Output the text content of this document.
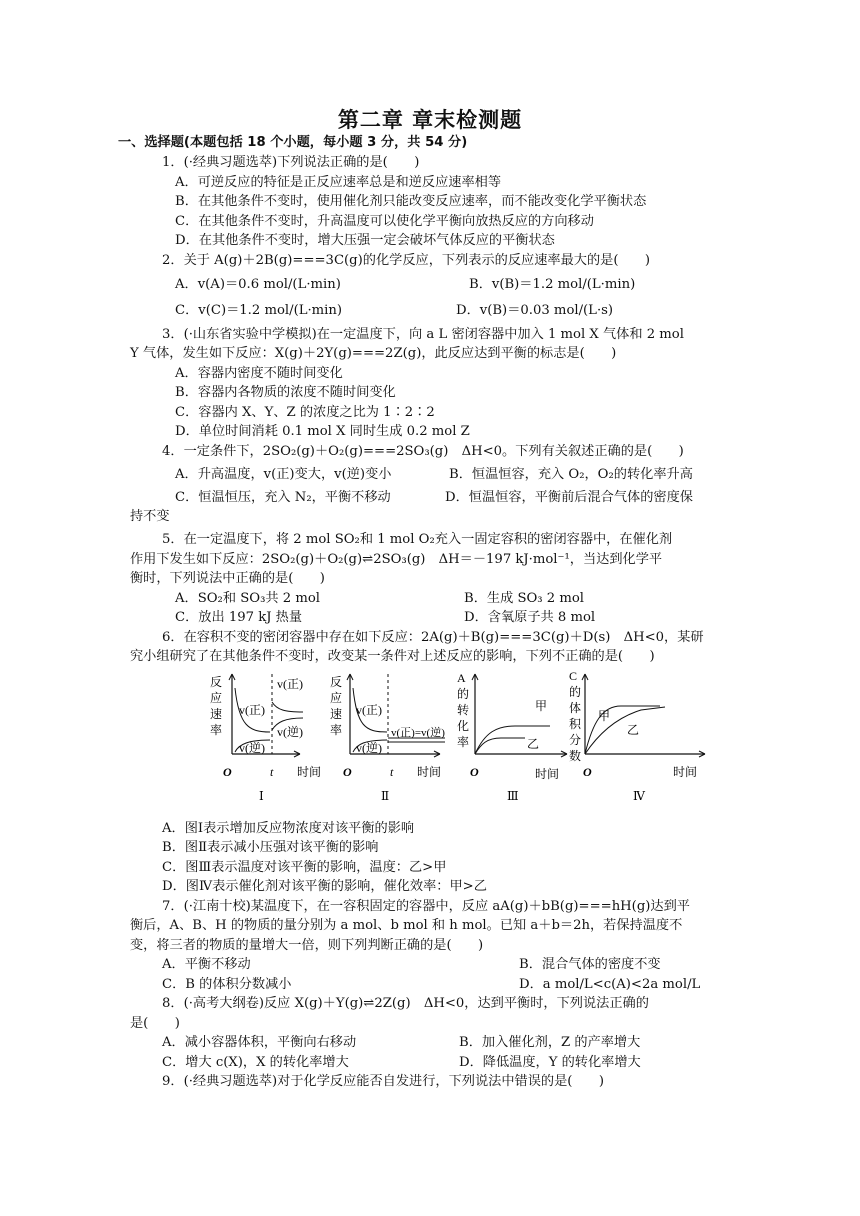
第二章 章末检测题
一、选择题(本题包括 18 个小题，每小题 3 分，共 54 分)
1．(·经典习题选萃)下列说法正确的是(　　)
A．可逆反应的特征是正反应速率总是和逆反应速率相等
B．在其他条件不变时，使用催化剂只能改变反应速率，而不能改变化学平衡状态
C．在其他条件不变时，升高温度可以使化学平衡向放热反应的方向移动
D．在其他条件不变时，增大压强一定会破坏气体反应的平衡状态
2．关于 A(g)＋2B(g)===3C(g)的化学反应，下列表示的反应速率最大的是(　　)
A．v(A)＝0.6 mol/(L·min)	B．v(B)＝1.2 mol/(L·min)
C．v(C)＝1.2 mol/(L·min)	D．v(B)＝0.03 mol/(L·s)
3．(·山东省实验中学模拟)在一定温度下，向 a L 密闭容器中加入 1 mol X 气体和 2 mol
Y 气体，发生如下反应：X(g)＋2Y(g)===2Z(g)，此反应达到平衡的标志是(　　)
A．容器内密度不随时间变化
B．容器内各物质的浓度不随时间变化
C．容器内 X、Y、Z 的浓度之比为 1∶2∶2
D．单位时间消耗 0.1 mol X 同时生成 0.2 mol Z
4．一定条件下，2SO₂(g)＋O₂(g)===2SO₃(g)　ΔH<0。下列有关叙述正确的是(　　)
A．升高温度，v(正)变大，v(逆)变小	B．恒温恒容，充入 O₂，O₂的转化率升高
C．恒温恒压，充入 N₂，平衡不移动	D．恒温恒容，平衡前后混合气体的密度保
持不变
5．在一定温度下，将 2 mol SO₂和 1 mol O₂充入一固定容积的密闭容器中，在催化剂
作用下发生如下反应：2SO₂(g)＋O₂(g)⇌2SO₃(g)　ΔH＝－197 kJ·mol⁻¹，当达到化学平
衡时，下列说法中正确的是(　　)
A．SO₂和 SO₃共 2 mol	B．生成 SO₃ 2 mol
C．放出 197 kJ 热量	D．含氧原子共 8 mol
6．在容积不变的密闭容器中存在如下反应：2A(g)＋B(g)===3C(g)＋D(s)　ΔH<0，某研
究小组研究了在其他条件不变时，改变某一条件对上述反应的影响，下列不正确的是(　　)
反
应
速
率
v(正)
v(逆)
v(正)
v(逆)
O	t 时间
Ⅰ
反
应
速
率
v(正)
v(逆)
v(正)=v(逆)
O	t 时间
Ⅱ
A
的
转
化
率
甲
乙
O	时间
Ⅲ
C
的
体
积
分
数
甲
乙
O	时间
Ⅳ
A．图Ⅰ表示增加反应物浓度对该平衡的影响
B．图Ⅱ表示减小压强对该平衡的影响
C．图Ⅲ表示温度对该平衡的影响，温度：乙>甲
D．图Ⅳ表示催化剂对该平衡的影响，催化效率：甲>乙
7．(·江南十校)某温度下，在一容积固定的容器中，反应 aA(g)＋bB(g)===hH(g)达到平
衡后，A、B、H 的物质的量分别为 a mol、b mol 和 h mol。已知 a＋b＝2h，若保持温度不
变，将三者的物质的量增大一倍，则下列判断正确的是(　　)
A．平衡不移动	B．混合气体的密度不变
C．B 的体积分数减小	D．a mol/L<c(A)<2a mol/L
8．(·高考大纲卷)反应 X(g)＋Y(g)⇌2Z(g)　ΔH<0，达到平衡时，下列说法正确的
是(　　)
A．减小容器体积，平衡向右移动	B．加入催化剂，Z 的产率增大
C．增大 c(X)，X 的转化率增大	D．降低温度，Y 的转化率增大
9．(·经典习题选萃)对于化学反应能否自发进行，下列说法中错误的是(　　)
